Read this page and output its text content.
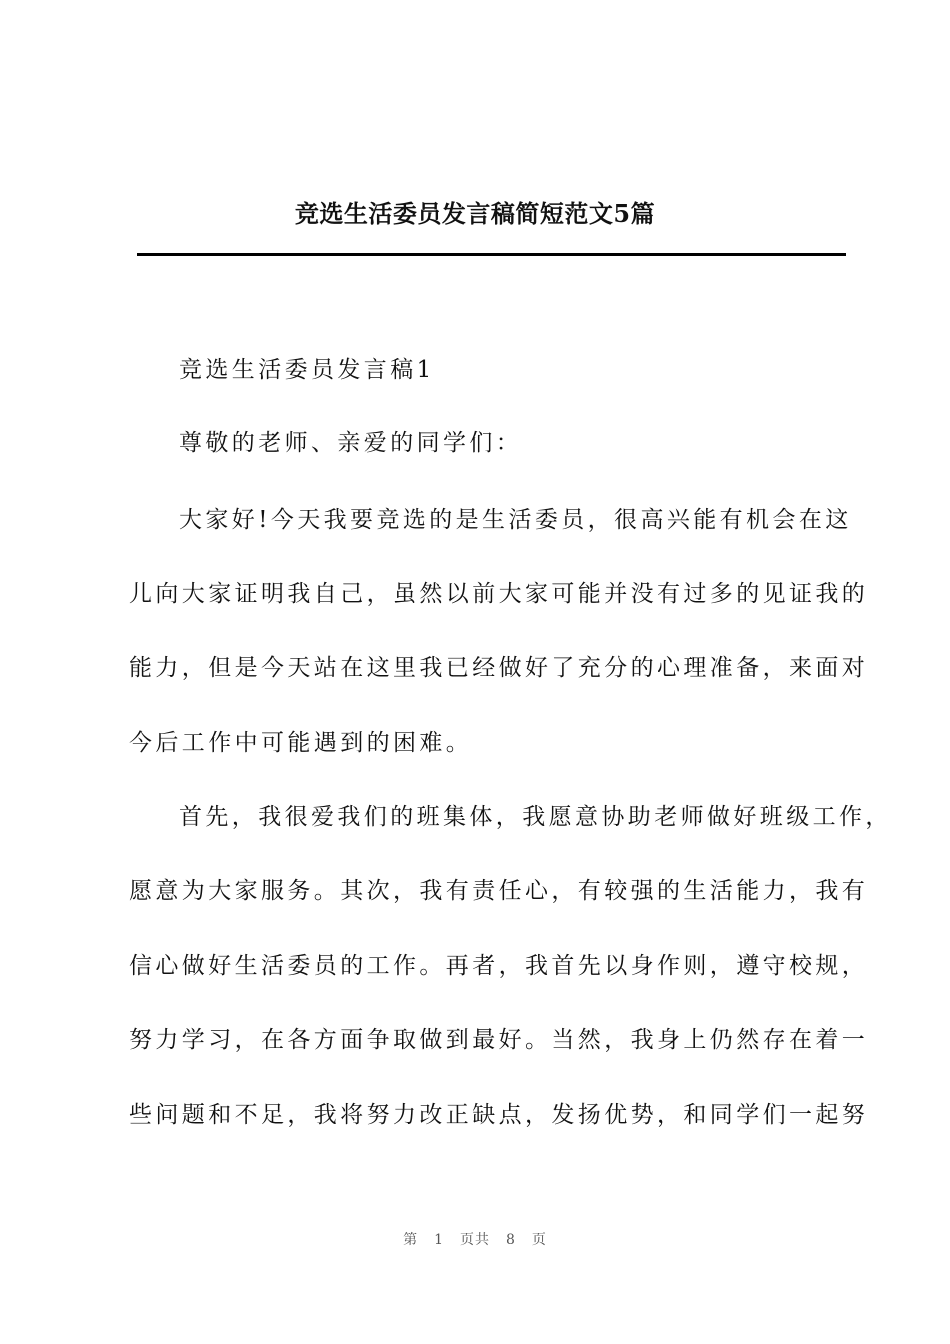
竞选生活委员发言稿简短范文5篇

竞选生活委员发言稿1

尊敬的老师、亲爱的同学们：

大家好!今天我要竞选的是生活委员，很高兴能有机会在这

儿向大家证明我自己，虽然以前大家可能并没有过多的见证我的

能力，但是今天站在这里我已经做好了充分的心理准备，来面对

今后工作中可能遇到的困难。

首先，我很爱我们的班集体，我愿意协助老师做好班级工作，

愿意为大家服务。其次，我有责任心，有较强的生活能力，我有

信心做好生活委员的工作。再者，我首先以身作则，遵守校规，

努力学习，在各方面争取做到最好。当然，我身上仍然存在着一

些问题和不足，我将努力改正缺点，发扬优势，和同学们一起努

第 1 页共 8 页
